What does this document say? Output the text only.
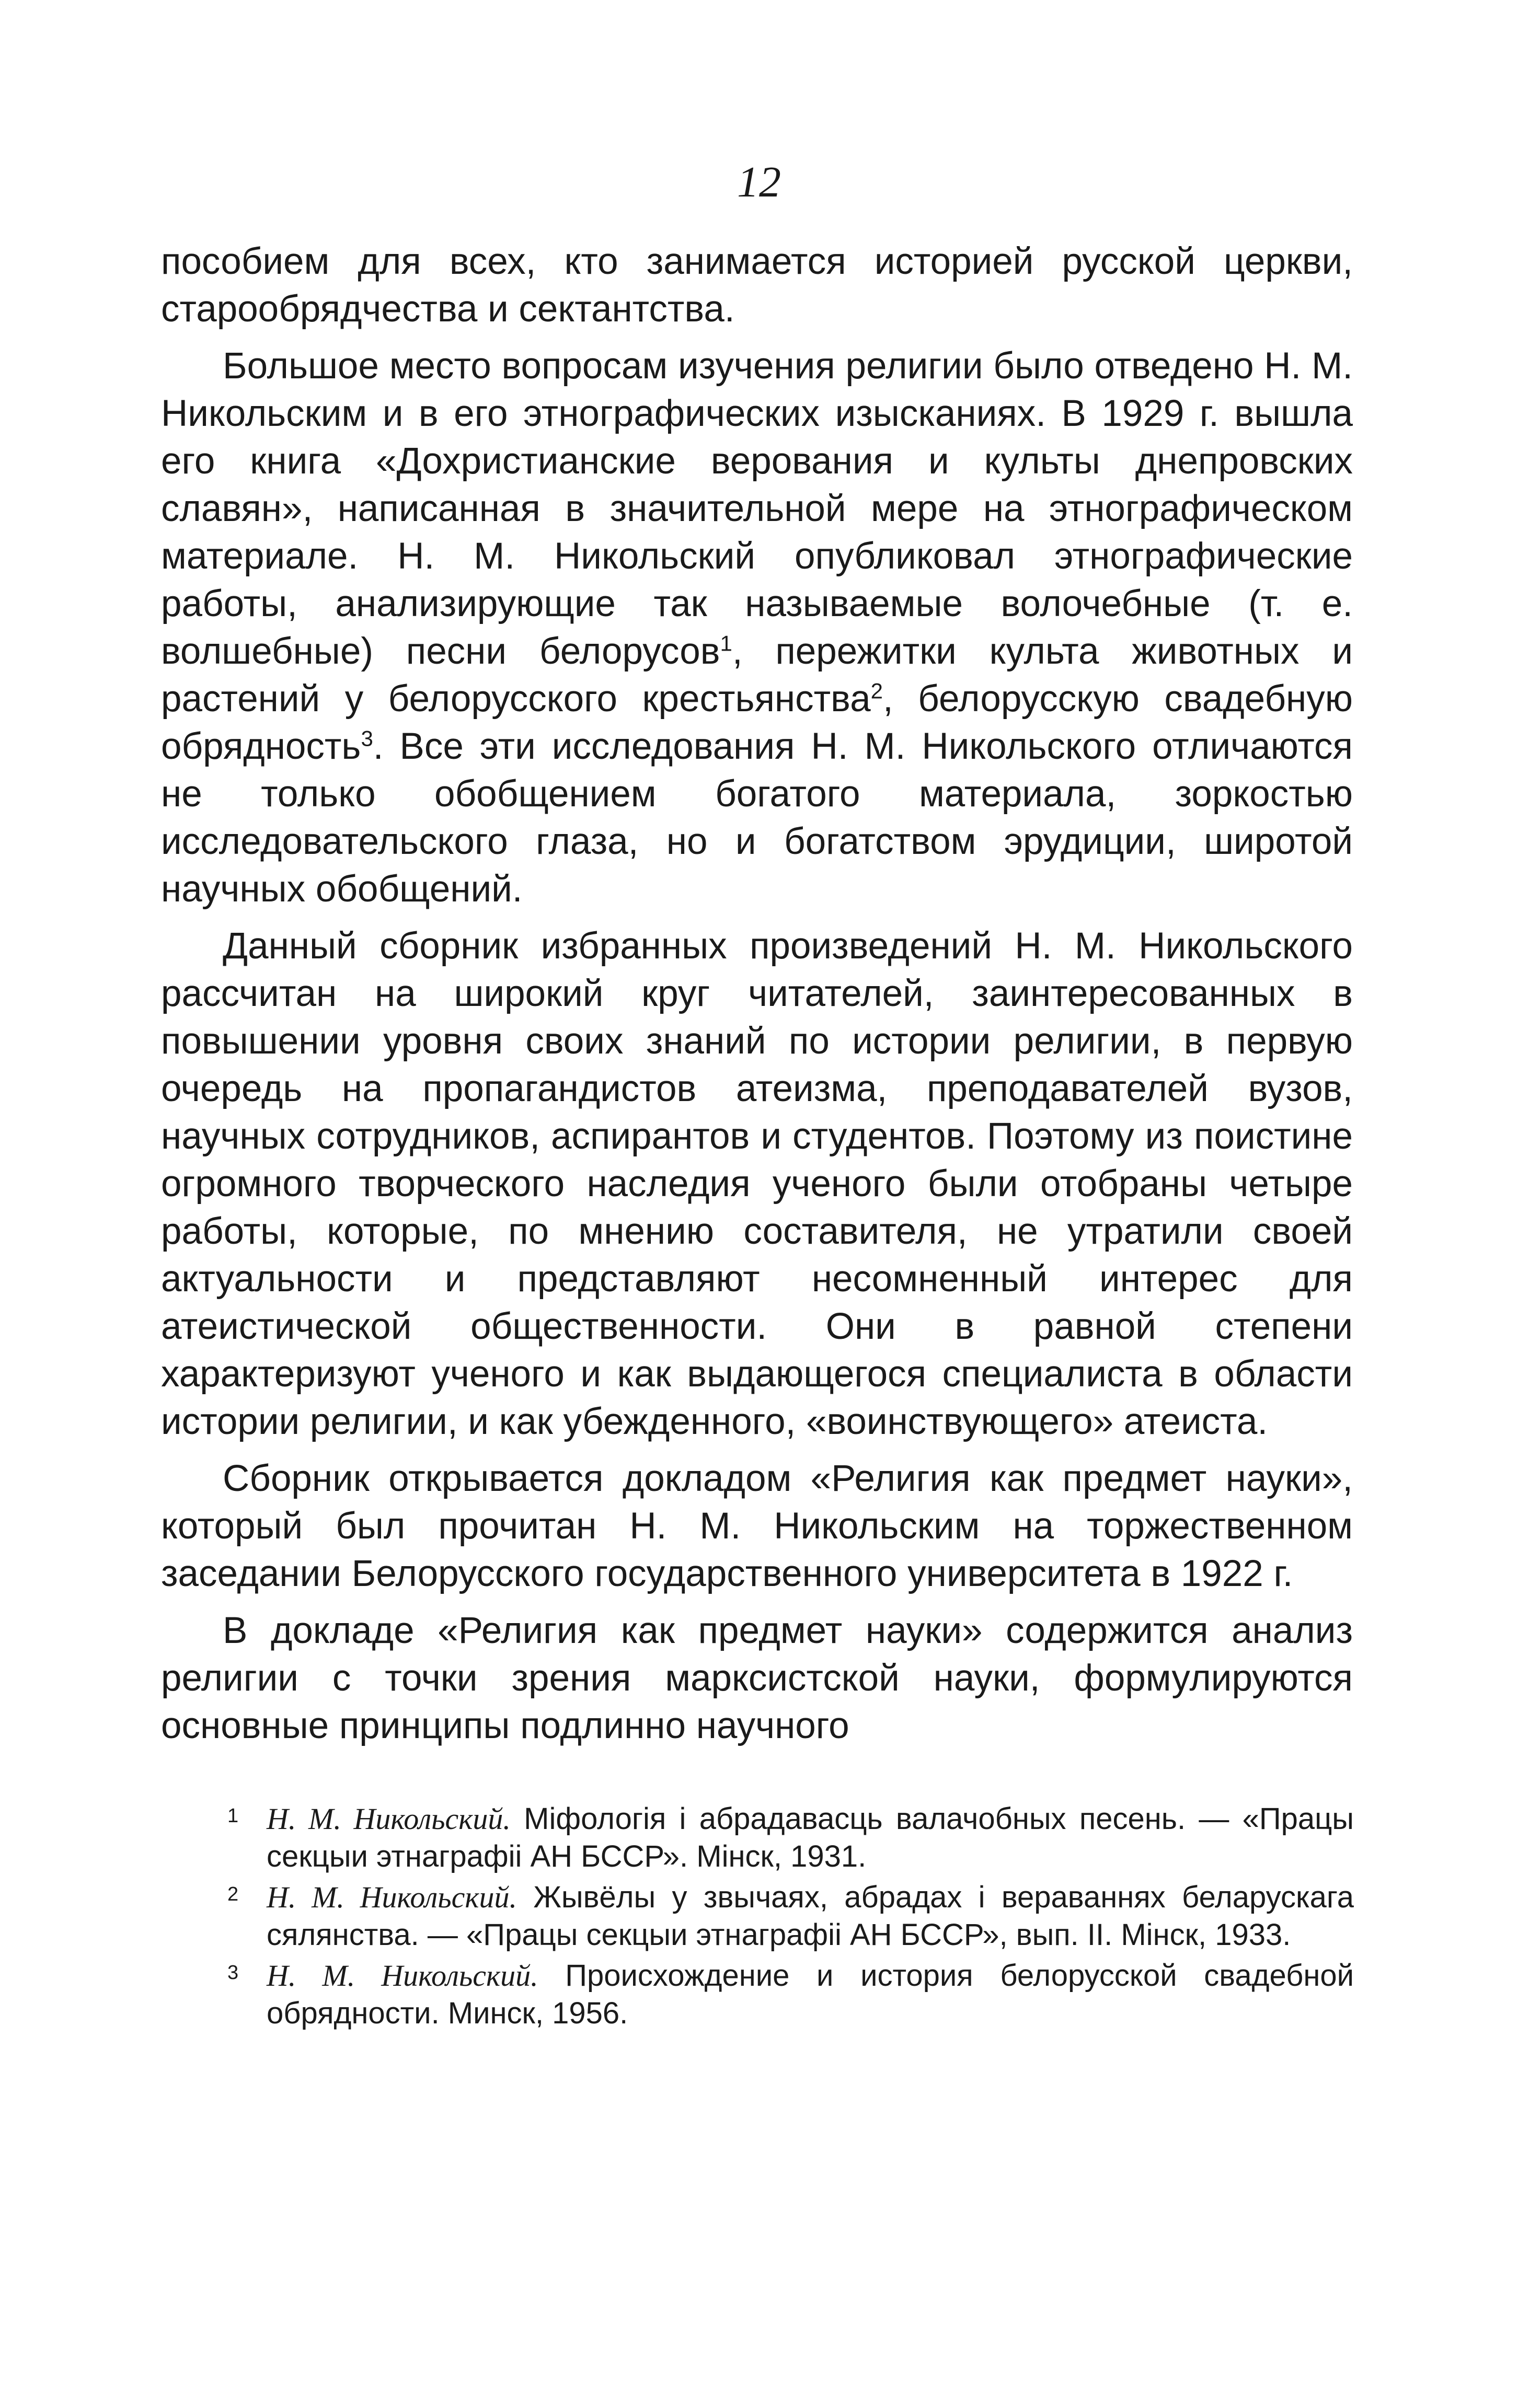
12

пособием для всех, кто занимается историей русской церкви, старообрядчества и сектантства.

Большое место вопросам изучения религии было отведено Н. М. Никольским и в его этнографических изысканиях. В 1929 г. вышла его книга «Дохристианские верования и культы днепровских славян», написанная в значительной мере на этнографическом материале. Н. М. Никольский опубликовал этнографические работы, анализирующие так называемые волочебные (т. е. волшебные) песни белорусов$^1$, пережитки культа животных и растений у белорусского крестьянства$^2$, белорусскую свадебную обрядность$^3$. Все эти исследования Н. М. Никольского отличаются не только обобщением богатого материала, зоркостью исследовательского глаза, но и богатством эрудиции, широтой научных обобщений.

Данный сборник избранных произведений Н. М. Никольского рассчитан на широкий круг читателей, заинтересованных в повышении уровня своих знаний по истории религии, в первую очередь на пропагандистов атеизма, преподавателей вузов, научных сотрудников, аспирантов и студентов. Поэтому из поистине огромного творческого наследия ученого были отобраны четыре работы, которые, по мнению составителя, не утратили своей актуальности и представляют несомненный интерес для атеистической общественности. Они в равной степени характеризуют ученого и как выдающегося специалиста в области истории религии, и как убежденного, «воинствующего» атеиста.

Сборник открывается докладом «Религия как предмет науки», который был прочитан Н. М. Никольским на торжественном заседании Белорусского государственного университета в 1922 г.

В докладе «Религия как предмет науки» содержится анализ религии с точки зрения марксистской науки, формулируются основные принципы подлинно научного

1 Н. М. Никольский. Міфологія і абрадавасць валачобных песень. — «Працы секцыи этнаграфіі АН БССР». Мінск, 1931.
2 Н. М. Никольский. Жывёлы у звычаях, абрадах і вераваннях беларускага сялянства. — «Працы секцыи этнаграфіі АН БССР», вып. II. Мінск, 1933.
3 Н. М. Никольский. Происхождение и история белорусской свадебной обрядности. Минск, 1956.
